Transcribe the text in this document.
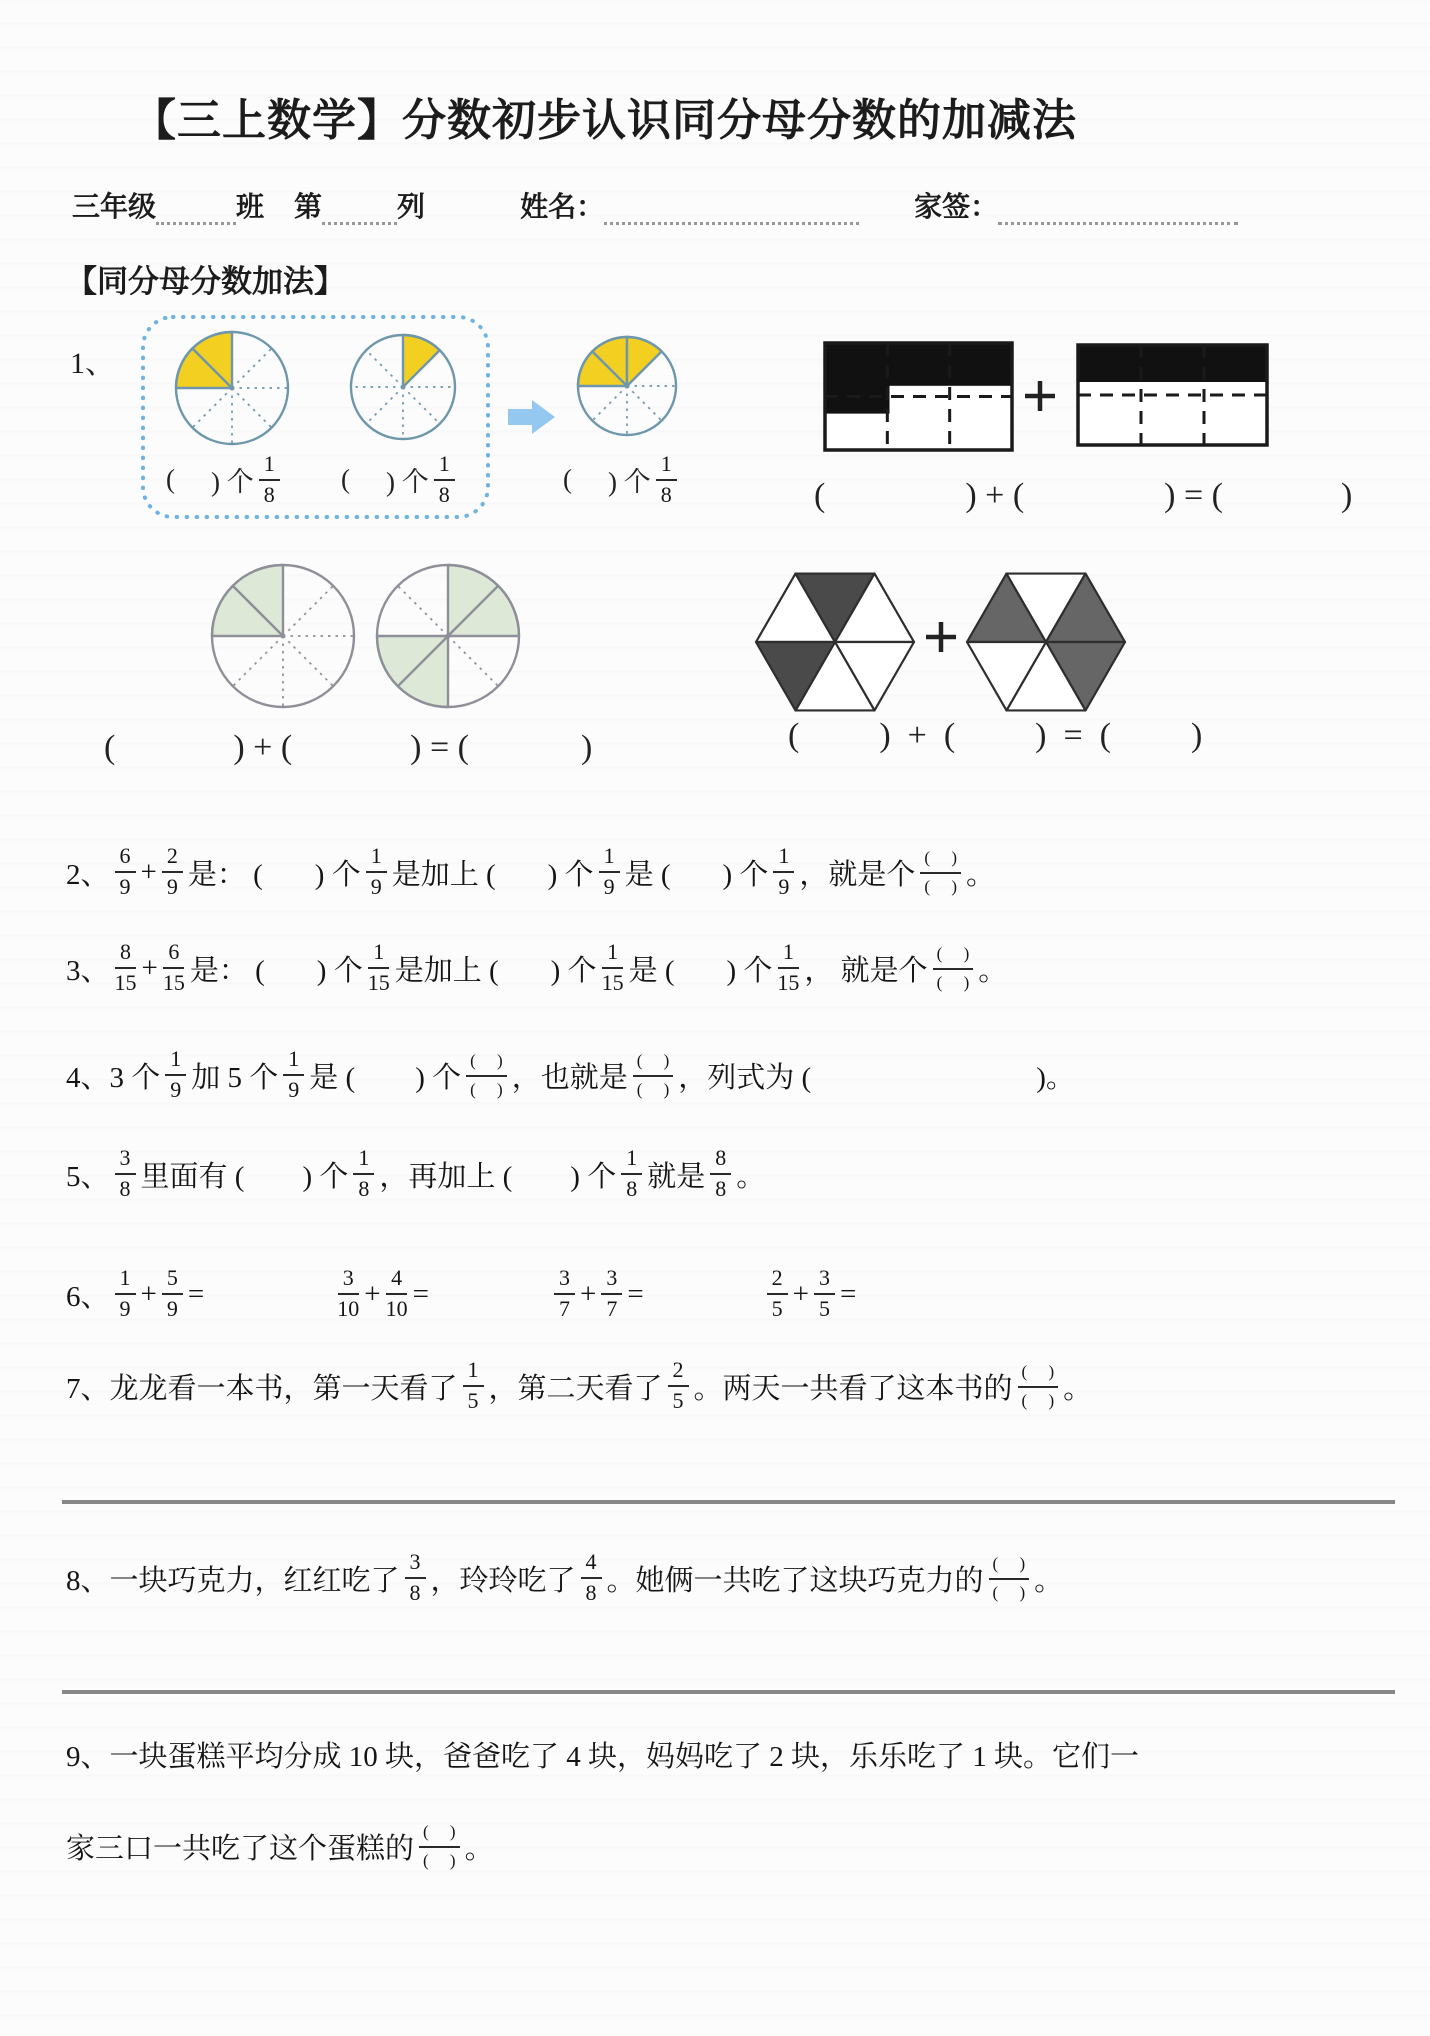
【三上数学】分数初步认识同分母分数的加减法
三年级	班 第	列	姓名：	家签：
【同分母分数加法】
1、
( ) 个 $\frac{1}{8}$ ( ) 个 $\frac{1}{8}$	( ) 个 $\frac{1}{8}$	(	) + (	) = (	)
(	) + (	) = (	)	( )  +  ( )  =  ( )
2、 $\frac{6}{9} + \frac{2}{9}$ 是： ( ) 个 $\frac{1}{9}$ 是加上 ( ) 个 $\frac{1}{9}$ 是 ( ) 个 $\frac{1}{9}$ ，就是个 $\frac{( )}{( )}$ 。
3、 $\frac{8}{15} + \frac{6}{15}$ 是： ( ) 个 $\frac{1}{15}$ 是加上 ( ) 个 $\frac{1}{15}$ 是 ( ) 个 $\frac{1}{15}$ ， 就是个 $\frac{( )}{( )}$ 。
4、3 个 $\frac{1}{9}$ 加 5 个 $\frac{1}{9}$ 是 ( ) 个 $\frac{( )}{( )}$ ，也就是 $\frac{( )}{( )}$ ，列式为 (	)。
5、 $\frac{3}{8}$ 里面有 ( ) 个 $\frac{1}{8}$ ，再加上 ( ) 个 $\frac{1}{8}$ 就是 $\frac{8}{8}$ 。
6、 $\frac{1}{9} + \frac{5}{9}$ =	$\frac{3}{10} + \frac{4}{10}$ =	$\frac{3}{7} + \frac{3}{7}$ =	$\frac{2}{5} + \frac{3}{5}$ =
7、龙龙看一本书，第一天看了 $\frac{1}{5}$ ，第二天看了 $\frac{2}{5}$ 。两天一共看了这本书的 $\frac{( )}{( )}$ 。
8、一块巧克力，红红吃了 $\frac{3}{8}$ ，玲玲吃了 $\frac{4}{8}$ 。她俩一共吃了这块巧克力的 $\frac{( )}{( )}$ 。
9、一块蛋糕平均分成 10 块，爸爸吃了 4 块，妈妈吃了 2 块，乐乐吃了 1 块。它们一
家三口一共吃了这个蛋糕的 $\frac{( )}{( )}$ 。
